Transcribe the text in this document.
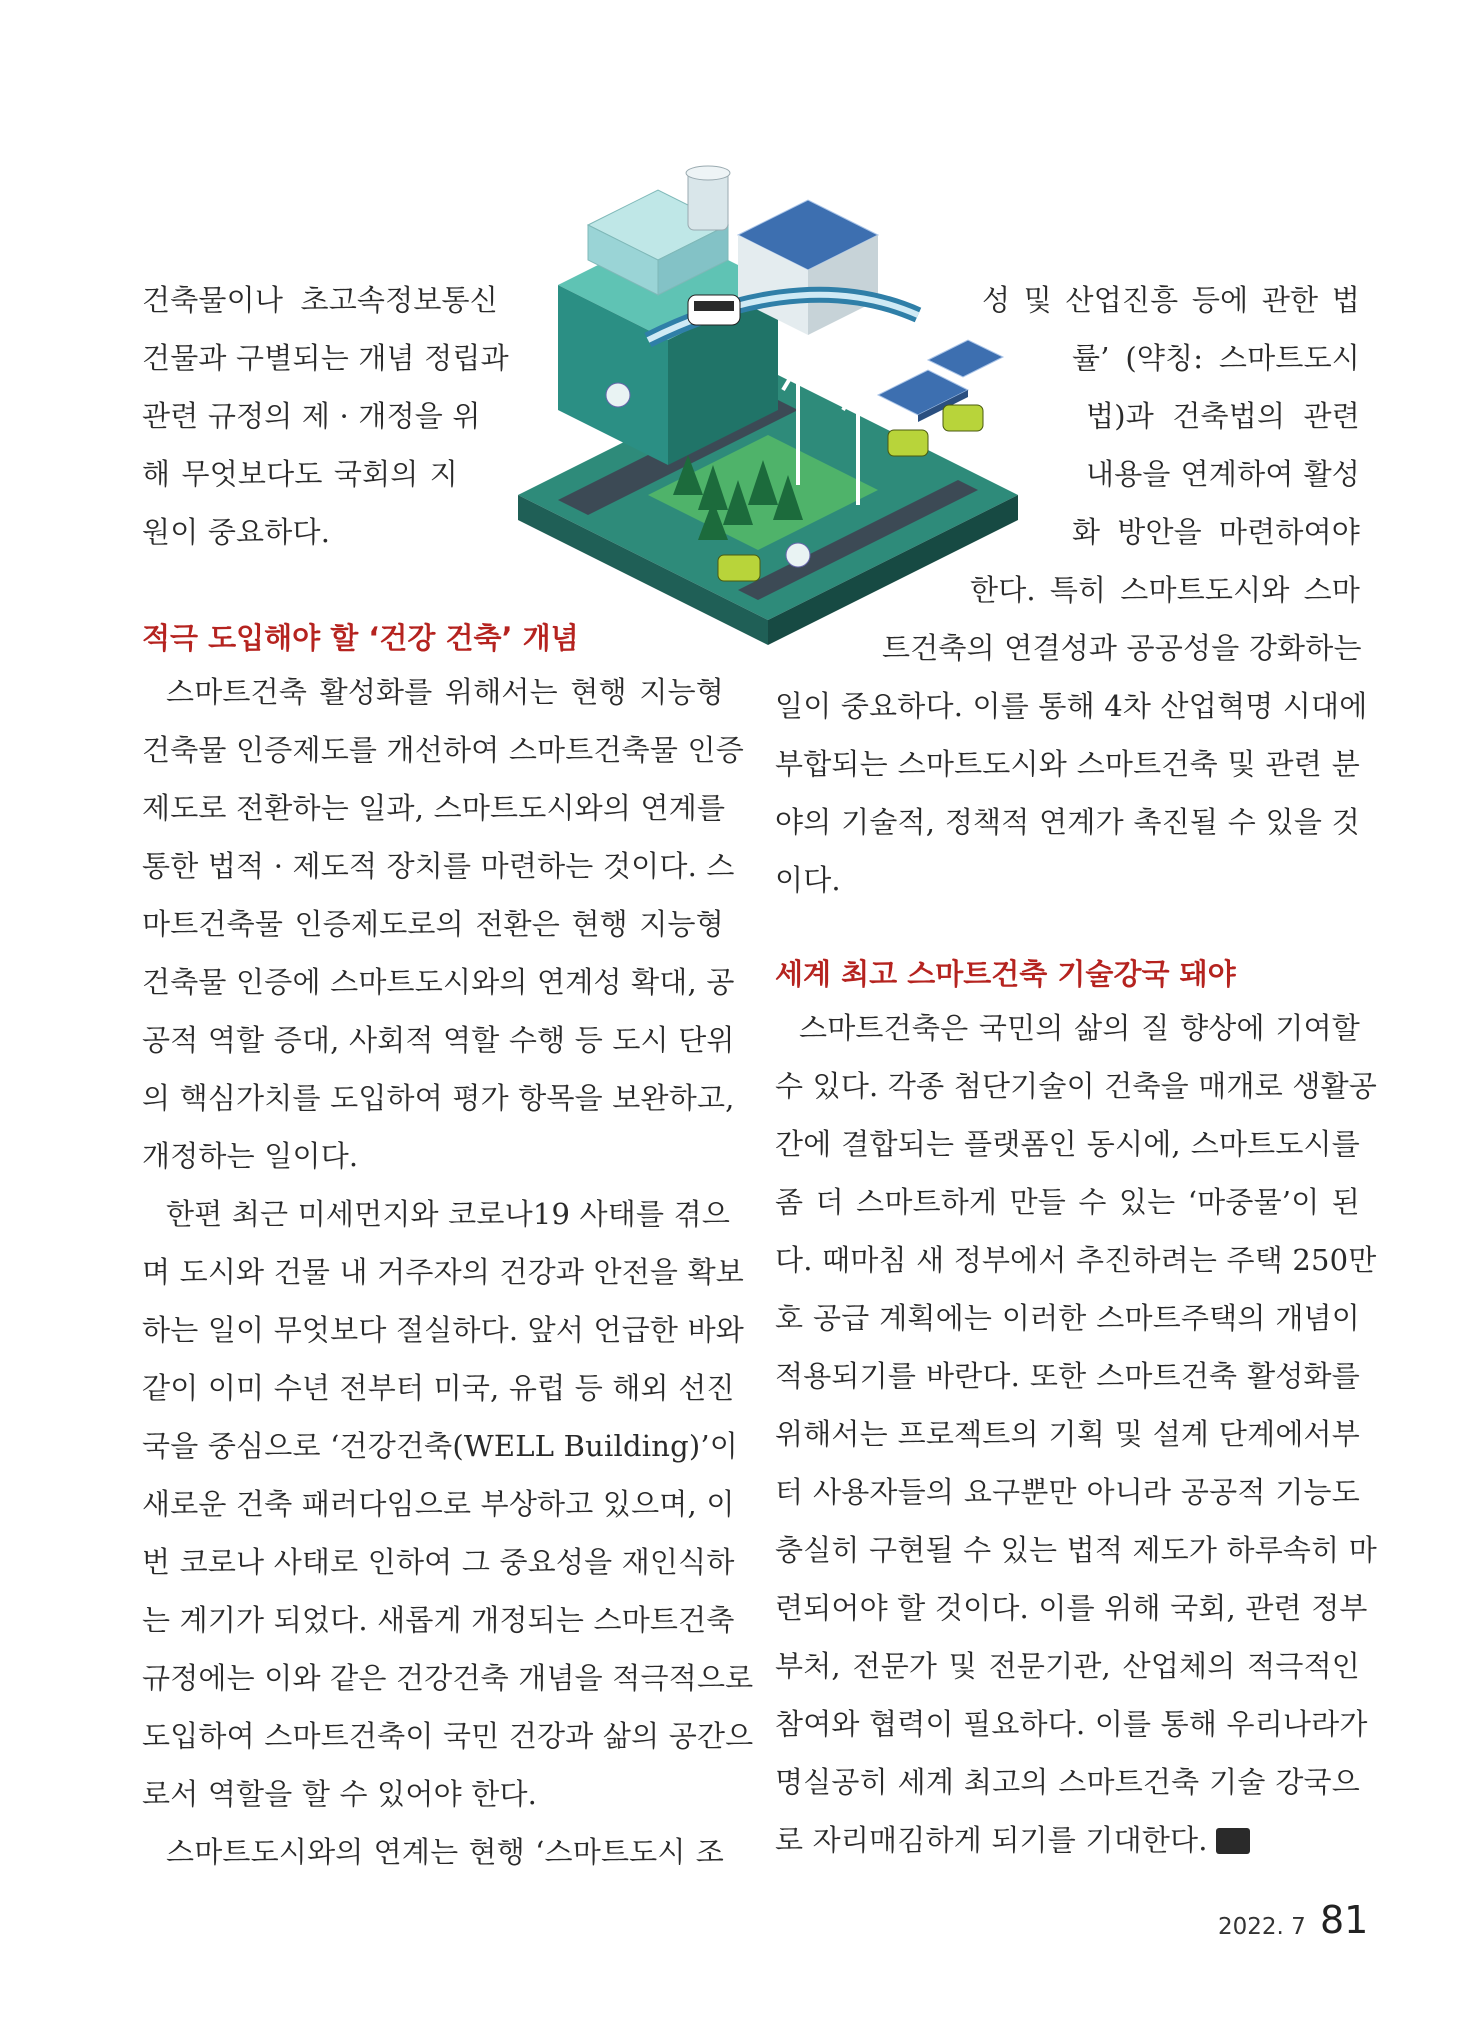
건축물이나 초고속정보통신
건물과 구별되는 개념 정립과
관련 규정의 제 · 개정을 위
해 무엇보다도 국회의 지
원이 중요하다.
성 및 산업진흥 등에 관한 법
률’ (약칭: 스마트도시
법)과 건축법의 관련
내용을 연계하여 활성
화 방안을 마련하여야
한다. 특히 스마트도시와 스마
트건축의 연결성과 공공성을 강화하는
적극 도입해야 할 ‘건강 건축’ 개념
스마트건축 활성화를 위해서는 현행 지능형
건축물 인증제도를 개선하여 스마트건축물 인증
제도로 전환하는 일과, 스마트도시와의 연계를
통한 법적 · 제도적 장치를 마련하는 것이다. 스
마트건축물 인증제도로의 전환은 현행 지능형
건축물 인증에 스마트도시와의 연계성 확대, 공
공적 역할 증대, 사회적 역할 수행 등 도시 단위
의 핵심가치를 도입하여 평가 항목을 보완하고,
개정하는 일이다.
한편 최근 미세먼지와 코로나19 사태를 겪으
며 도시와 건물 내 거주자의 건강과 안전을 확보
하는 일이 무엇보다 절실하다. 앞서 언급한 바와
같이 이미 수년 전부터 미국, 유럽 등 해외 선진
국을 중심으로 ‘건강건축(WELL Building)’이
새로운 건축 패러다임으로 부상하고 있으며, 이
번 코로나 사태로 인하여 그 중요성을 재인식하
는 계기가 되었다. 새롭게 개정되는 스마트건축
규정에는 이와 같은 건강건축 개념을 적극적으로
도입하여 스마트건축이 국민 건강과 삶의 공간으
로서 역할을 할 수 있어야 한다.
스마트도시와의 연계는 현행 ‘스마트도시 조
일이 중요하다. 이를 통해 4차 산업혁명 시대에
부합되는 스마트도시와 스마트건축 및 관련 분
야의 기술적, 정책적 연계가 촉진될 수 있을 것
이다.
세계 최고 스마트건축 기술강국 돼야
스마트건축은 국민의 삶의 질 향상에 기여할
수 있다. 각종 첨단기술이 건축을 매개로 생활공
간에 결합되는 플랫폼인 동시에, 스마트도시를
좀 더 스마트하게 만들 수 있는 ‘마중물’이 된
다. 때마침 새 정부에서 추진하려는 주택 250만
호 공급 계획에는 이러한 스마트주택의 개념이
적용되기를 바란다. 또한 스마트건축 활성화를
위해서는 프로젝트의 기획 및 설계 단계에서부
터 사용자들의 요구뿐만 아니라 공공적 기능도
충실히 구현될 수 있는 법적 제도가 하루속히 마
련되어야 할 것이다. 이를 위해 국회, 관련 정부
부처, 전문가 및 전문기관, 산업체의 적극적인
참여와 협력이 필요하다. 이를 통해 우리나라가
명실공히 세계 최고의 스마트건축 기술 강국으
로 자리매김하게 되기를 기대한다.
2022. 7 81
